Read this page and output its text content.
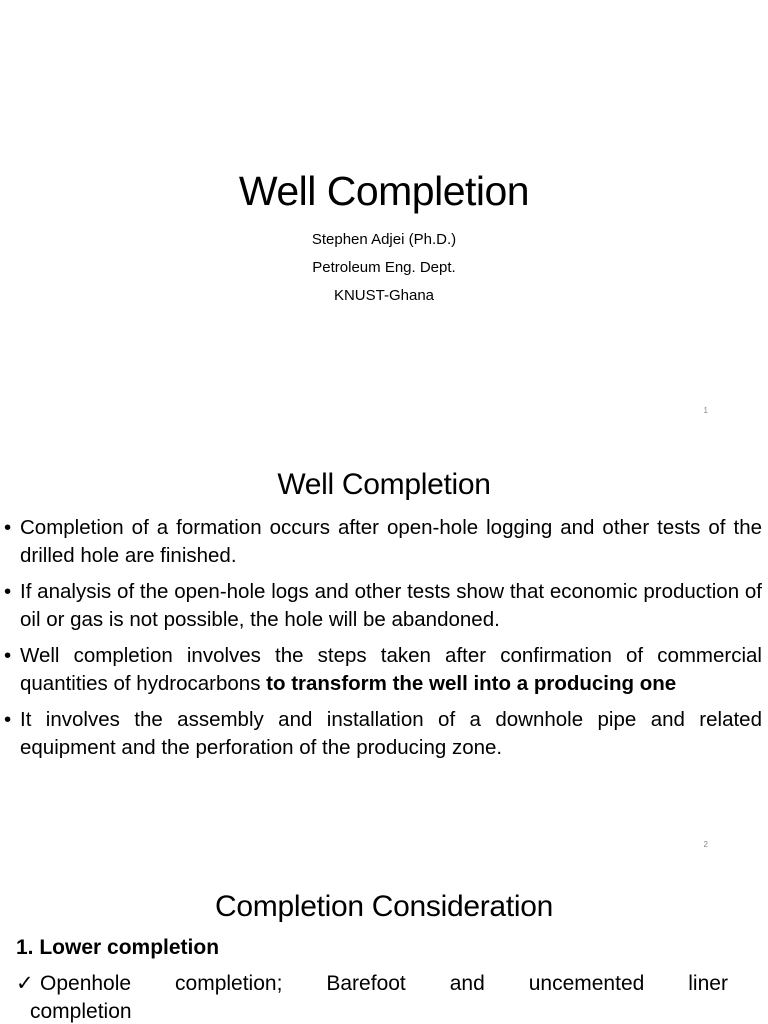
Well Completion
Stephen Adjei (Ph.D.)
Petroleum Eng. Dept.
KNUST-Ghana
1
Well Completion
• Completion of a formation occurs after open-hole logging and other tests of the drilled hole are finished.
• If analysis of the open-hole logs and other tests show that economic production of oil or gas is not possible, the hole will be abandoned.
• Well completion involves the steps taken after confirmation of commercial quantities of hydrocarbons to transform the well into a producing one
• It involves the assembly and installation of a downhole pipe and related equipment and the perforation of the producing zone.
2
Completion Consideration
1. Lower completion
✓ Openhole completion; Barefoot and uncemented liner
completion
